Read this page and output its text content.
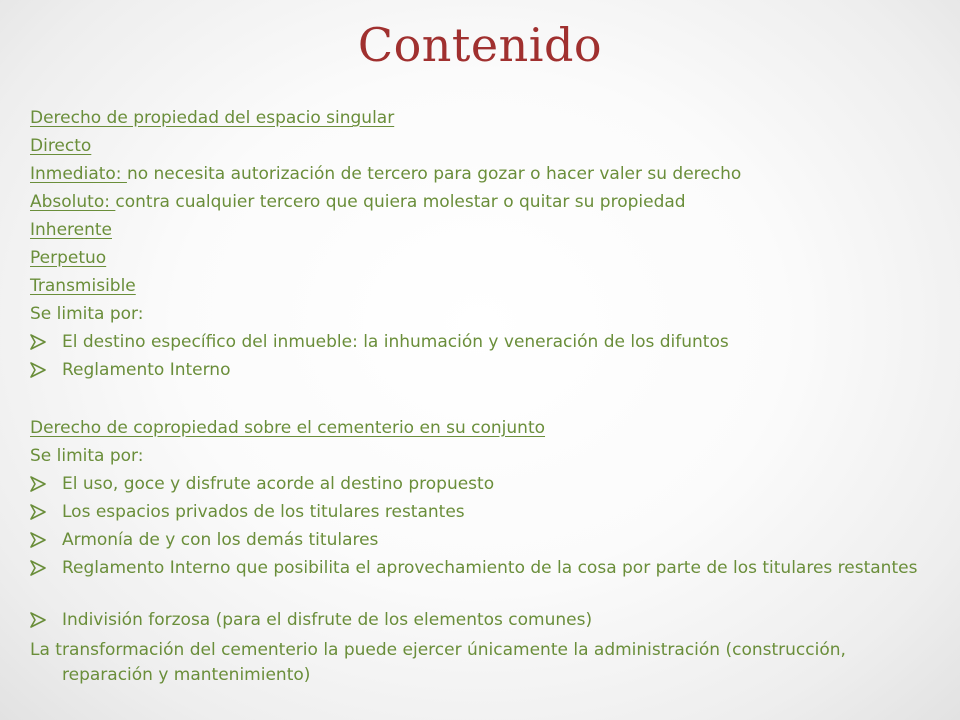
Contenido
Derecho de propiedad del espacio singular
Directo
Inmediato: no necesita autorización de tercero para gozar o hacer valer su derecho
Absoluto: contra cualquier tercero que quiera molestar o quitar su propiedad
Inherente
Perpetuo
Transmisible
Se limita por:
El destino específico del inmueble: la inhumación y veneración de los difuntos
Reglamento Interno
Derecho de copropiedad sobre el cementerio en su conjunto
Se limita por:
El uso, goce y disfrute acorde al destino propuesto
Los espacios privados de los titulares restantes
Armonía de y con los demás titulares
Reglamento Interno que posibilita el aprovechamiento de la cosa por parte de los titulares restantes
Indivisión forzosa (para el disfrute de los elementos comunes)
La transformación del cementerio la puede ejercer únicamente la administración (construcción, reparación y mantenimiento)
